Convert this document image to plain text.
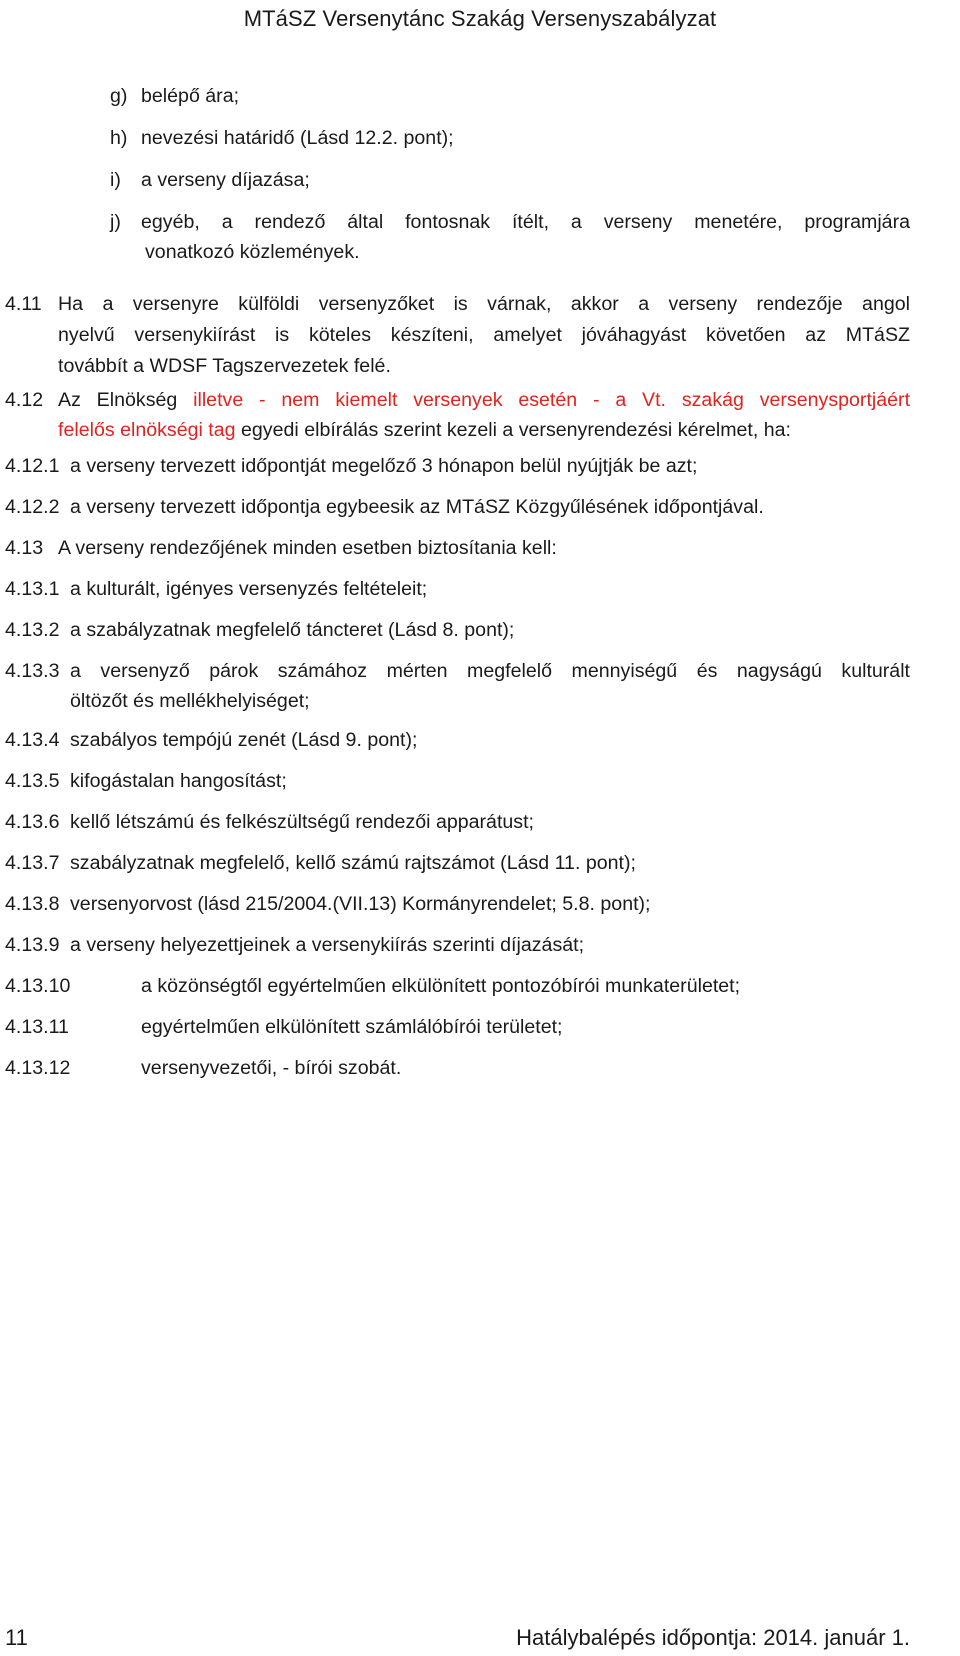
MTáSZ Versenytánc Szakág Versenyszabályzat
g) belépő ára;
h) nevezési határidő (Lásd 12.2. pont);
i) a verseny díjazása;
j) egyéb, a rendező által fontosnak ítélt, a verseny menetére, programjára
vonatkozó közlemények.
4.11 Ha a versenyre külföldi versenyzőket is várnak, akkor a verseny rendezője angol
nyelvű versenykiírást is köteles készíteni, amelyet jóváhagyást követően az MTáSZ
továbbít a WDSF Tagszervezetek felé.
4.12 Az Elnökség illetve - nem kiemelt versenyek esetén - a Vt. szakág versenysportjáért
felelős elnökségi tag egyedi elbírálás szerint kezeli a versenyrendezési kérelmet, ha:
4.12.1 a verseny tervezett időpontját megelőző 3 hónapon belül nyújtják be azt;
4.12.2 a verseny tervezett időpontja egybeesik az MTáSZ Közgyűlésének időpontjával.
4.13 A verseny rendezőjének minden esetben biztosítania kell:
4.13.1 a kulturált, igényes versenyzés feltételeit;
4.13.2 a szabályzatnak megfelelő táncteret (Lásd 8. pont);
4.13.3 a versenyző párok számához mérten megfelelő mennyiségű és nagyságú kulturált
öltözőt és mellékhelyiséget;
4.13.4 szabályos tempójú zenét (Lásd 9. pont);
4.13.5 kifogástalan hangosítást;
4.13.6 kellő létszámú és felkészültségű rendezői apparátust;
4.13.7 szabályzatnak megfelelő, kellő számú rajtszámot (Lásd 11. pont);
4.13.8 versenyorvost (lásd 215/2004.(VII.13) Kormányrendelet; 5.8. pont);
4.13.9 a verseny helyezettjeinek a versenykiírás szerinti díjazását;
4.13.10	a közönségtől egyértelműen elkülönített pontozóbírói munkaterületet;
4.13.11	egyértelműen elkülönített számlálóbírói területet;
4.13.12	versenyvezetői, - bírói szobát.
11	Hatálybalépés időpontja: 2014. január 1.
